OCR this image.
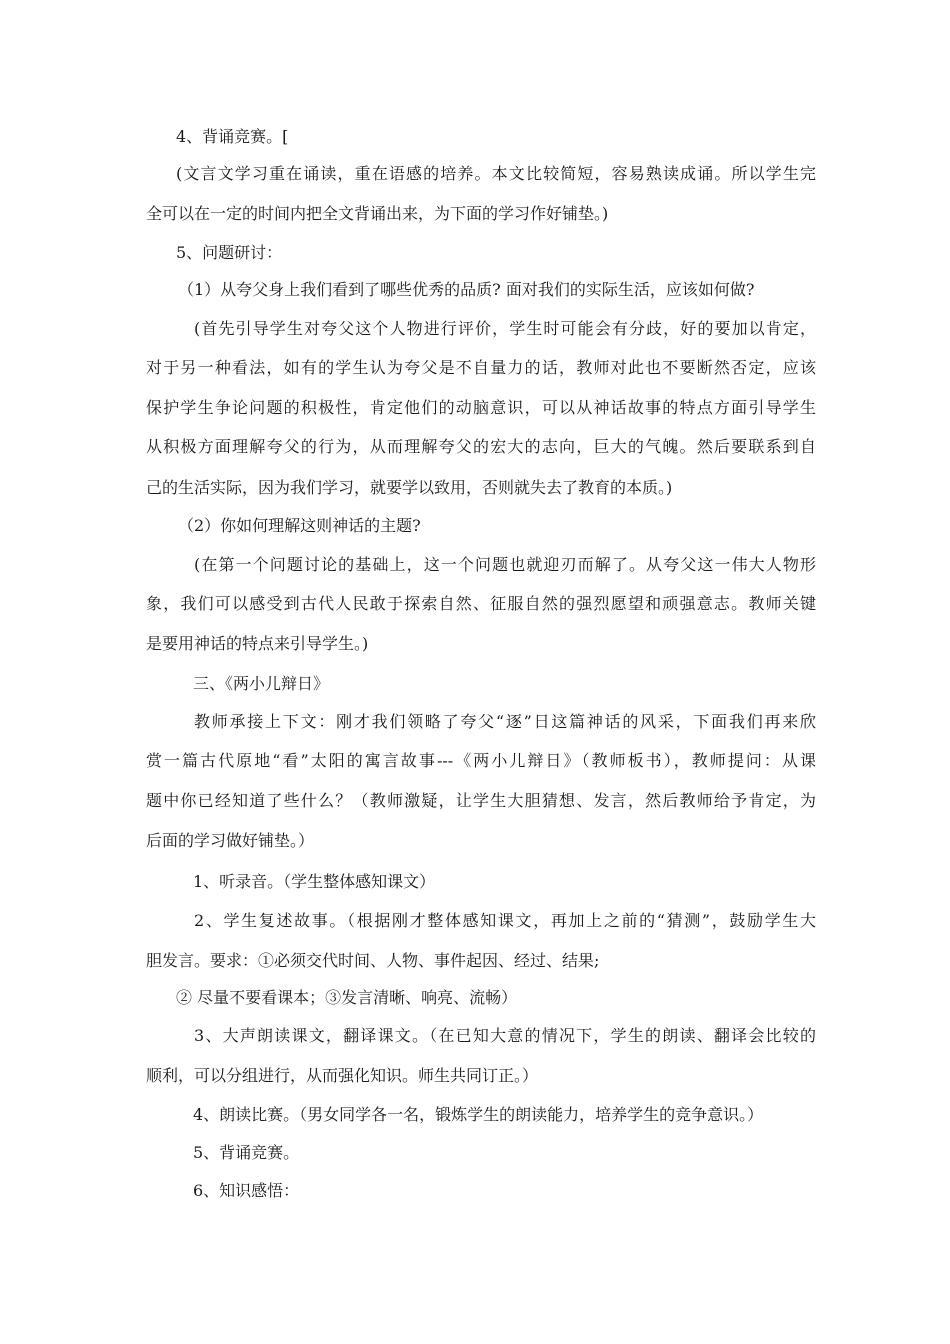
4、背诵竞赛。[
(文言文学习重在诵读，重在语感的培养。本文比较简短，容易熟读成诵。所以学生完
全可以在一定的时间内把全文背诵出来，为下面的学习作好铺垫。)
5、问题研讨：
（1）从夸父身上我们看到了哪些优秀的品质? 面对我们的实际生活，应该如何做?
(首先引导学生对夸父这个人物进行评价，学生时可能会有分歧，好的要加以肯定，
对于另一种看法，如有的学生认为夸父是不自量力的话，教师对此也不要断然否定，应该
保护学生争论问题的积极性，肯定他们的动脑意识，可以从神话故事的特点方面引导学生
从积极方面理解夸父的行为，从而理解夸父的宏大的志向，巨大的气魄。然后要联系到自
己的生活实际，因为我们学习，就要学以致用，否则就失去了教育的本质。)
（2）你如何理解这则神话的主题?
(在第一个问题讨论的基础上，这一个问题也就迎刃而解了。从夸父这一伟大人物形
象，我们可以感受到古代人民敢于探索自然、征服自然的强烈愿望和顽强意志。教师关键
是要用神话的特点来引导学生。)
三、《两小儿辩日》
教师承接上下文：刚才我们领略了夸父“逐”日这篇神话的风采，下面我们再来欣
赏一篇古代原地“看”太阳的寓言故事---《两小儿辩日》（教师板书），教师提问：从课
题中你已经知道了些什么？（教师激疑，让学生大胆猜想、发言，然后教师给予肯定，为
后面的学习做好铺垫。）
1、听录音。（学生整体感知课文）
2、学生复述故事。（根据刚才整体感知课文，再加上之前的“猜测”，鼓励学生大
胆发言。要求：①必须交代时间、人物、事件起因、经过、结果;
② 尽量不要看课本；③发言清晰、响亮、流畅）
3、大声朗读课文，翻译课文。（在已知大意的情况下，学生的朗读、翻译会比较的
顺利，可以分组进行，从而强化知识。师生共同订正。）
4、朗读比赛。（男女同学各一名，锻炼学生的朗读能力，培养学生的竞争意识。）
5、背诵竞赛。
6、知识感悟：
